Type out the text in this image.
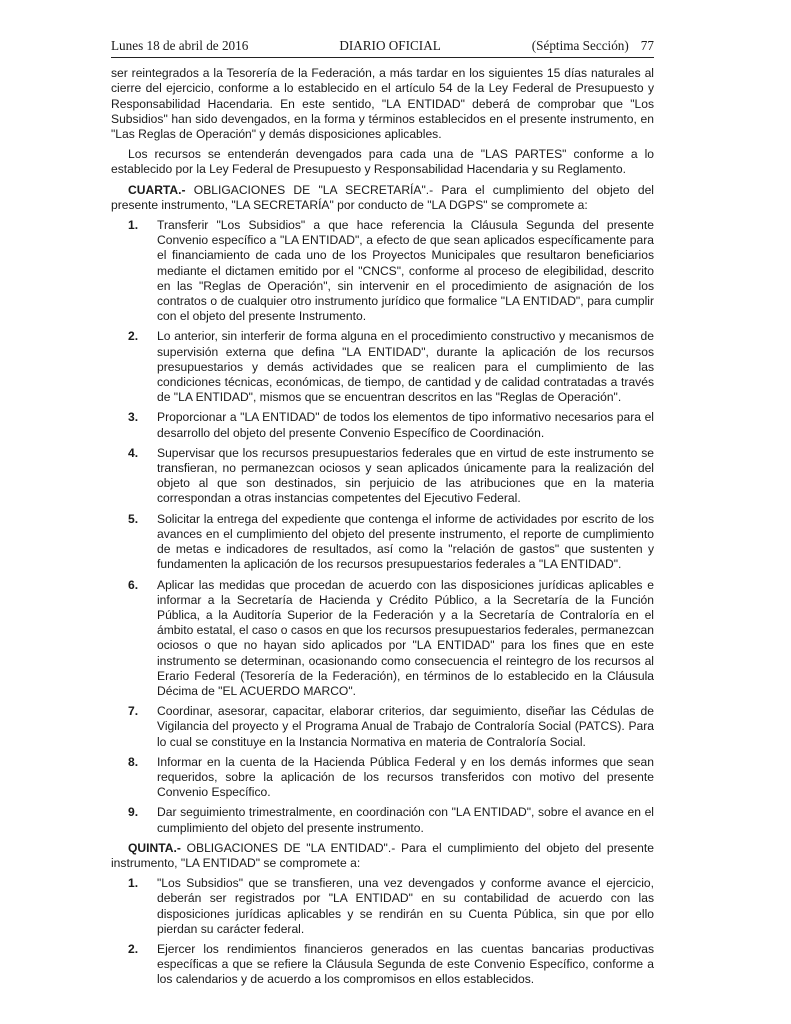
Lunes 18 de abril de 2016	DIARIO OFICIAL	(Séptima Sección) 77

ser reintegrados a la Tesorería de la Federación, a más tardar en los siguientes 15 días naturales al cierre del ejercicio, conforme a lo establecido en el artículo 54 de la Ley Federal de Presupuesto y Responsabilidad Hacendaria. En este sentido, "LA ENTIDAD" deberá de comprobar que "Los Subsidios" han sido devengados, en la forma y términos establecidos en el presente instrumento, en "Las Reglas de Operación" y demás disposiciones aplicables.

Los recursos se entenderán devengados para cada una de "LAS PARTES" conforme a lo establecido por la Ley Federal de Presupuesto y Responsabilidad Hacendaria y su Reglamento.

CUARTA.- OBLIGACIONES DE "LA SECRETARÍA".- Para el cumplimiento del objeto del presente instrumento, "LA SECRETARÍA" por conducto de "LA DGPS" se compromete a:

1.	Transferir "Los Subsidios" a que hace referencia la Cláusula Segunda del presente Convenio específico a "LA ENTIDAD", a efecto de que sean aplicados específicamente para el financiamiento de cada uno de los Proyectos Municipales que resultaron beneficiarios mediante el dictamen emitido por el "CNCS", conforme al proceso de elegibilidad, descrito en las "Reglas de Operación", sin intervenir en el procedimiento de asignación de los contratos o de cualquier otro instrumento jurídico que formalice "LA ENTIDAD", para cumplir con el objeto del presente Instrumento.
2.	Lo anterior, sin interferir de forma alguna en el procedimiento constructivo y mecanismos de supervisión externa que defina "LA ENTIDAD", durante la aplicación de los recursos presupuestarios y demás actividades que se realicen para el cumplimiento de las condiciones técnicas, económicas, de tiempo, de cantidad y de calidad contratadas a través de "LA ENTIDAD", mismos que se encuentran descritos en las "Reglas de Operación".
3.	Proporcionar a "LA ENTIDAD" de todos los elementos de tipo informativo necesarios para el desarrollo del objeto del presente Convenio Específico de Coordinación.
4.	Supervisar que los recursos presupuestarios federales que en virtud de este instrumento se transfieran, no permanezcan ociosos y sean aplicados únicamente para la realización del objeto al que son destinados, sin perjuicio de las atribuciones que en la materia correspondan a otras instancias competentes del Ejecutivo Federal.
5.	Solicitar la entrega del expediente que contenga el informe de actividades por escrito de los avances en el cumplimiento del objeto del presente instrumento, el reporte de cumplimiento de metas e indicadores de resultados, así como la "relación de gastos" que sustenten y fundamenten la aplicación de los recursos presupuestarios federales a "LA ENTIDAD".
6.	Aplicar las medidas que procedan de acuerdo con las disposiciones jurídicas aplicables e informar a la Secretaría de Hacienda y Crédito Público, a la Secretaría de la Función Pública, a la Auditoría Superior de la Federación y a la Secretaría de Contraloría en el ámbito estatal, el caso o casos en que los recursos presupuestarios federales, permanezcan ociosos o que no hayan sido aplicados por "LA ENTIDAD" para los fines que en este instrumento se determinan, ocasionando como consecuencia el reintegro de los recursos al Erario Federal (Tesorería de la Federación), en términos de lo establecido en la Cláusula Décima de "EL ACUERDO MARCO".
7.	Coordinar, asesorar, capacitar, elaborar criterios, dar seguimiento, diseñar las Cédulas de Vigilancia del proyecto y el Programa Anual de Trabajo de Contraloría Social (PATCS). Para lo cual se constituye en la Instancia Normativa en materia de Contraloría Social.
8.	Informar en la cuenta de la Hacienda Pública Federal y en los demás informes que sean requeridos, sobre la aplicación de los recursos transferidos con motivo del presente Convenio Específico.
9.	Dar seguimiento trimestralmente, en coordinación con "LA ENTIDAD", sobre el avance en el cumplimiento del objeto del presente instrumento.

QUINTA.- OBLIGACIONES DE "LA ENTIDAD".- Para el cumplimiento del objeto del presente instrumento, "LA ENTIDAD" se compromete a:

1.	"Los Subsidios" que se transfieren, una vez devengados y conforme avance el ejercicio, deberán ser registrados por "LA ENTIDAD" en su contabilidad de acuerdo con las disposiciones jurídicas aplicables y se rendirán en su Cuenta Pública, sin que por ello pierdan su carácter federal.
2.	Ejercer los rendimientos financieros generados en las cuentas bancarias productivas específicas a que se refiere la Cláusula Segunda de este Convenio Específico, conforme a los calendarios y de acuerdo a los compromisos en ellos establecidos.
